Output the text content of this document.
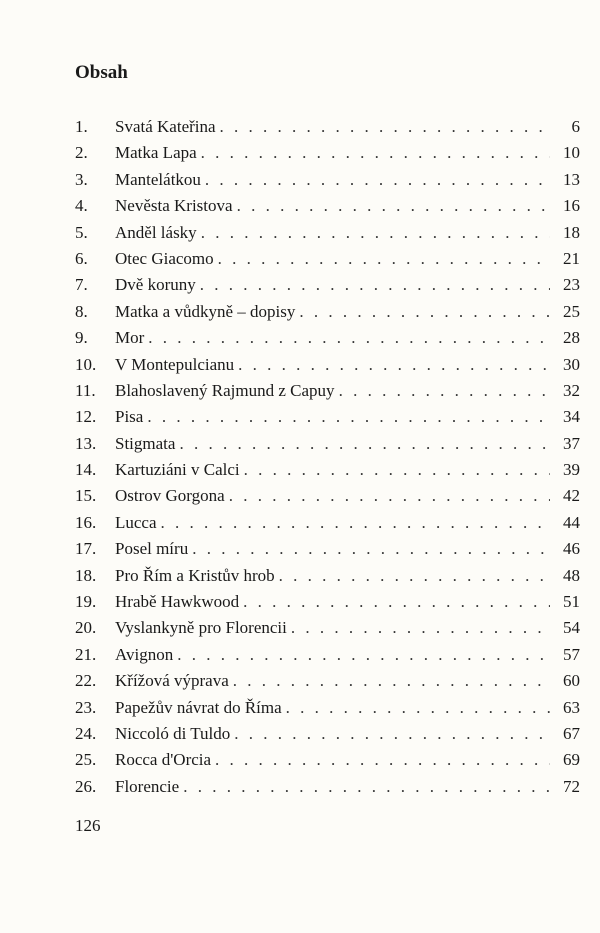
Obsah
1.	Svatá Kateřina . . .	6
2.	Matka Lapa . . .	10
3.	Mantelátkou . . .	13
4.	Nevěsta Kristova . . .	16
5.	Anděl lásky . . .	18
6.	Otec Giacomo . . .	21
7.	Dvě koruny . . .	23
8.	Matka a vůdkyně – dopisy . . .	25
9.	Mor . . .	28
10.	V Montepulcianu . . .	30
11.	Blahoslavený Rajmund z Capuy . . .	32
12.	Pisa . . .	34
13.	Stigmata . . .	37
14.	Kartuziáni v Calci . . .	39
15.	Ostrov Gorgona . . .	42
16.	Lucca . . .	44
17.	Posel míru . . .	46
18.	Pro Řím a Kristův hrob . . .	48
19.	Hrabě Hawkwood . . .	51
20.	Vyslankyně pro Florencii . . .	54
21.	Avignon . . .	57
22.	Křížová výprava . . .	60
23.	Papežův návrat do Říma . . .	63
24.	Niccoló di Tuldo . . .	67
25.	Rocca d'Orcia . . .	69
26.	Florencie . . .	72

126
